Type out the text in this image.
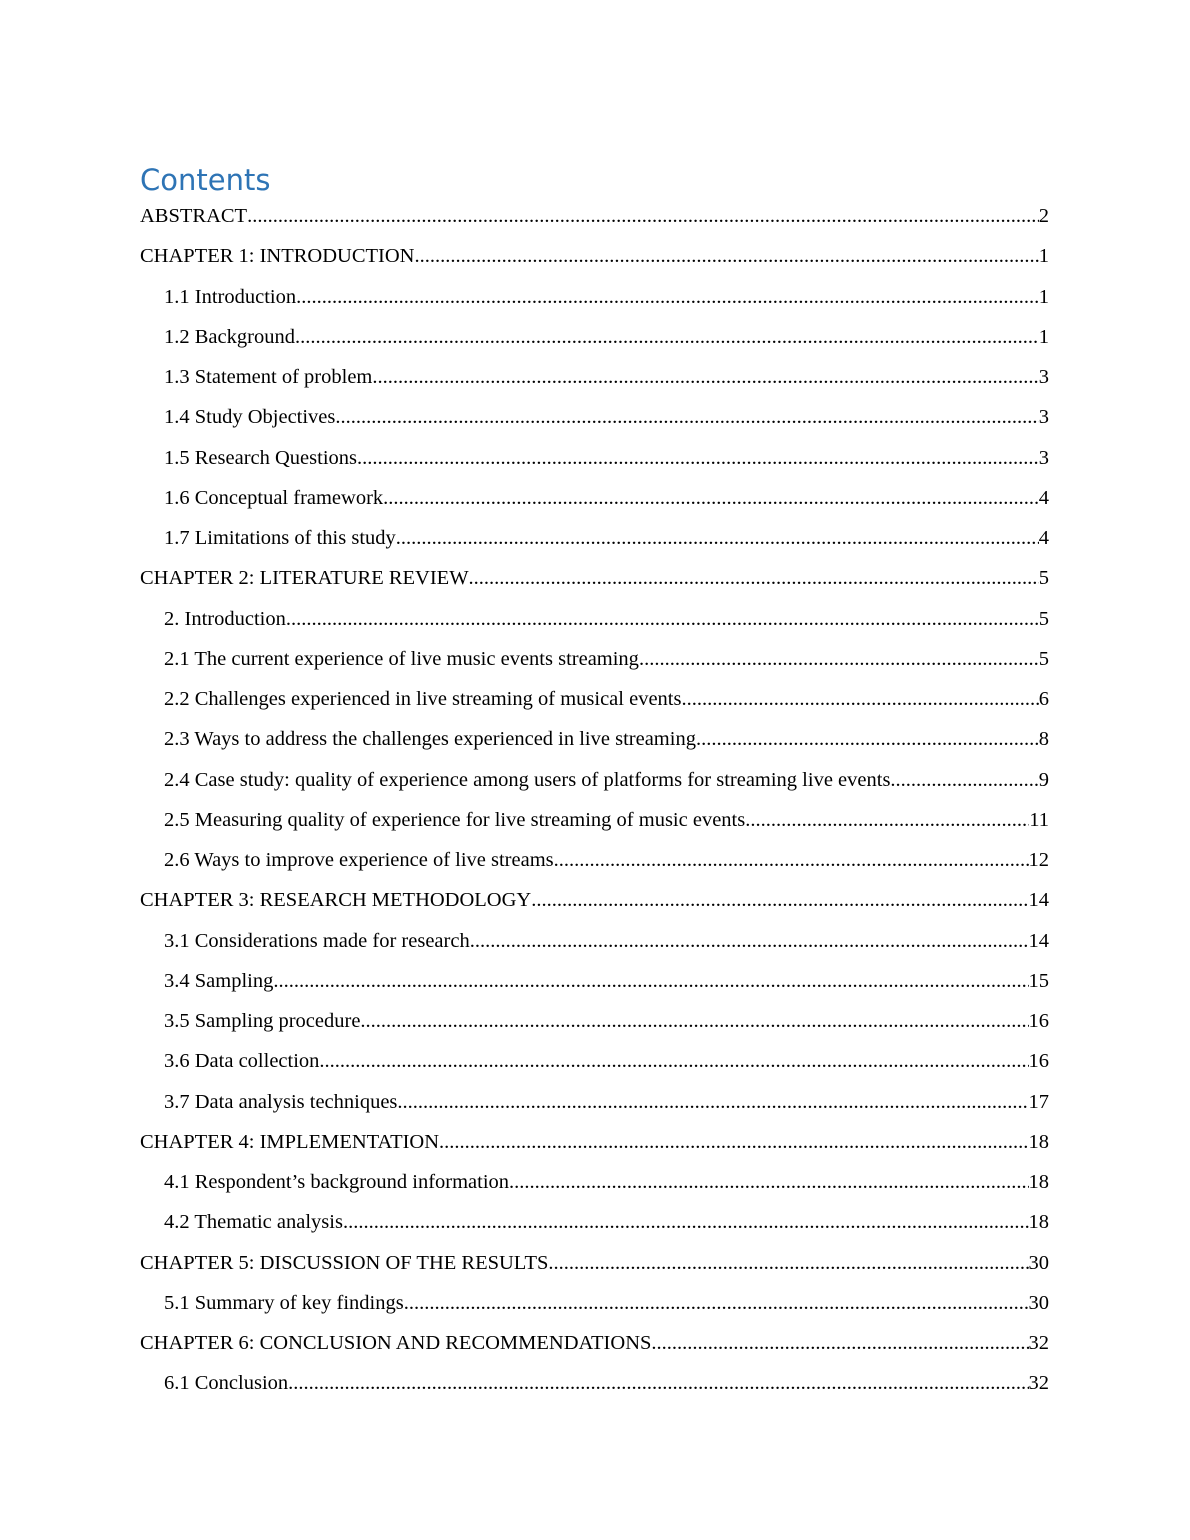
Contents
ABSTRACT .....	2
CHAPTER 1: INTRODUCTION .....	1
1.1 Introduction .....	1
1.2 Background .....	1
1.3 Statement of problem .....	3
1.4 Study Objectives .....	3
1.5 Research Questions .....	3
1.6 Conceptual framework .....	4
1.7 Limitations of this study .....	4
CHAPTER 2: LITERATURE REVIEW .....	5
2. Introduction .....	5
2.1 The current experience of live music events streaming .....	5
2.2 Challenges experienced in live streaming of musical events .....	6
2.3 Ways to address the challenges experienced in live streaming .....	8
2.4 Case study: quality of experience among users of platforms for streaming live events .....	9
2.5 Measuring quality of experience for live streaming of music events .....	11
2.6 Ways to improve experience of live streams .....	12
CHAPTER 3: RESEARCH METHODOLOGY .....	14
3.1 Considerations made for research .....	14
3.4 Sampling .....	15
3.5 Sampling procedure .....	16
3.6 Data collection .....	16
3.7 Data analysis techniques .....	17
CHAPTER 4: IMPLEMENTATION .....	18
4.1 Respondent’s background information .....	18
4.2 Thematic analysis .....	18
CHAPTER 5: DISCUSSION OF THE RESULTS .....	30
5.1 Summary of key findings .....	30
CHAPTER 6: CONCLUSION AND RECOMMENDATIONS .....	32
6.1 Conclusion .....	32
